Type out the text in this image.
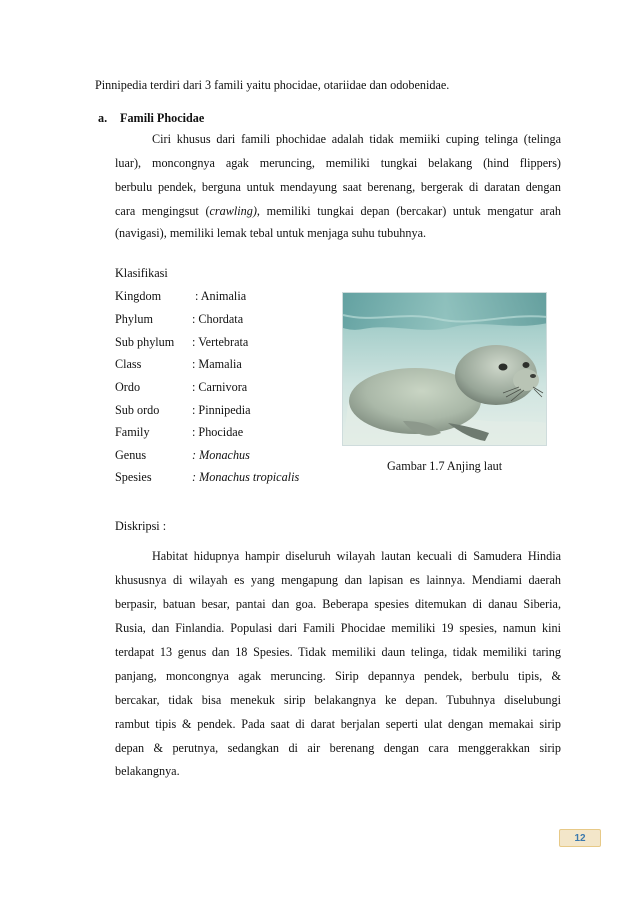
Pinnipedia terdiri dari 3 famili yaitu phocidae, otariidae dan odobenidae.
a. Famili Phocidae
Ciri khusus dari famili phochidae adalah tidak memiiki cuping telinga (telinga
luar), moncongnya agak meruncing, memiliki tungkai belakang (hind flippers)
berbulu pendek, berguna untuk mendayung saat berenang, bergerak di daratan dengan
cara mengingsut (crawling), memiliki tungkai depan (bercakar) untuk mengatur arah
(navigasi), memiliki lemak tebal untuk menjaga suhu tubuhnya.
Klasifikasi
Kingdom	: Animalia
Phylum	: Chordata
Sub phylum : Vertebrata
Class	: Mamalia
Ordo	: Carnivora
Sub ordo	: Pinnipedia
Family	: Phocidae
Genus	: Monachus
Spesies	: Monachus tropicalis
Gambar 1.7 Anjing laut
Diskripsi :
Habitat hidupnya hampir diseluruh wilayah lautan kecuali di Samudera Hindia
khususnya di wilayah es yang mengapung dan lapisan es lainnya. Mendiami daerah
berpasir, batuan besar, pantai dan goa. Beberapa spesies ditemukan di danau Siberia,
Rusia, dan Finlandia. Populasi dari Famili Phocidae memiliki 19 spesies, namun kini
terdapat 13 genus dan 18 Spesies. Tidak memiliki daun telinga, tidak memiliki taring
panjang, moncongnya agak meruncing. Sirip depannya pendek, berbulu tipis, &
bercakar, tidak bisa menekuk sirip belakangnya ke depan. Tubuhnya diselubungi
rambut tipis & pendek. Pada saat di darat berjalan seperti ulat dengan memakai sirip
depan & perutnya, sedangkan di air berenang dengan cara menggerakkan sirip
belakangnya.
12
